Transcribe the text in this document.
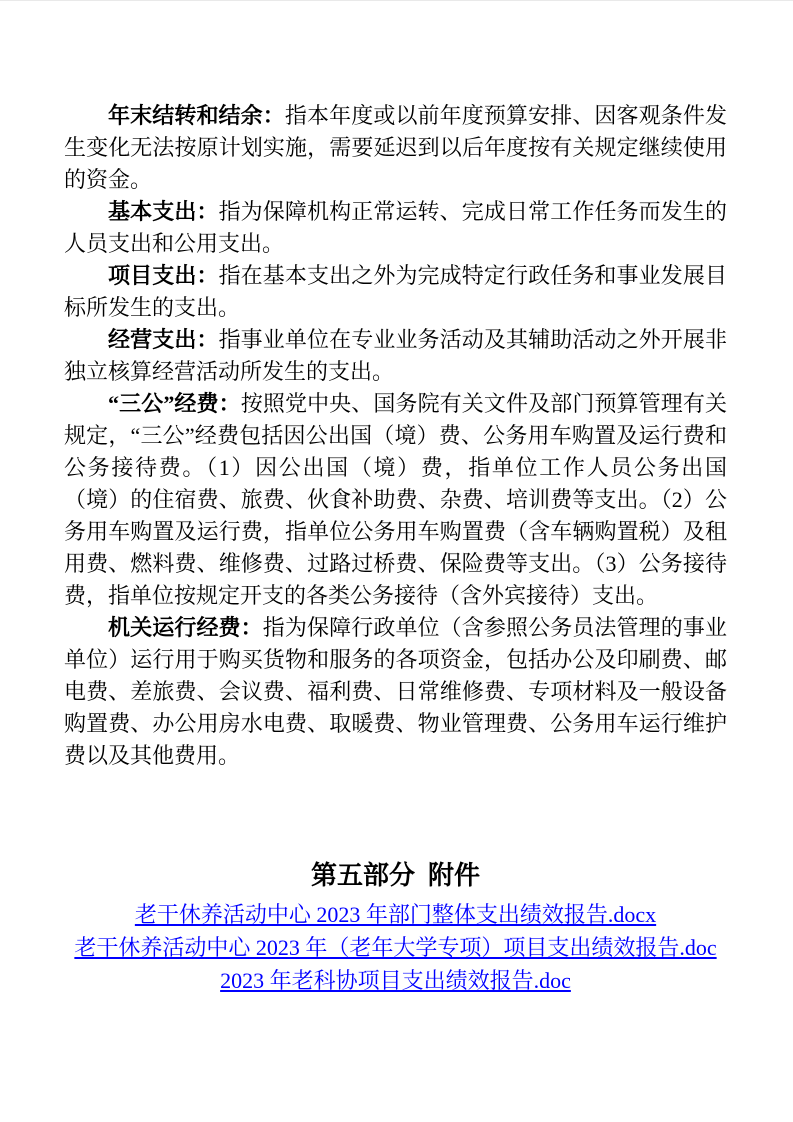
年末结转和结余：指本年度或以前年度预算安排、因客观条件发生变化无法按原计划实施，需要延迟到以后年度按有关规定继续使用的资金。

基本支出：指为保障机构正常运转、完成日常工作任务而发生的人员支出和公用支出。

项目支出：指在基本支出之外为完成特定行政任务和事业发展目标所发生的支出。

经营支出：指事业单位在专业业务活动及其辅助活动之外开展非独立核算经营活动所发生的支出。

“三公”经费：按照党中央、国务院有关文件及部门预算管理有关规定，“三公”经费包括因公出国（境）费、公务用车购置及运行费和公务接待费。（1）因公出国（境）费，指单位工作人员公务出国（境）的住宿费、旅费、伙食补助费、杂费、培训费等支出。（2）公务用车购置及运行费，指单位公务用车购置费（含车辆购置税）及租用费、燃料费、维修费、过路过桥费、保险费等支出。（3）公务接待费，指单位按规定开支的各类公务接待（含外宾接待）支出。

机关运行经费：指为保障行政单位（含参照公务员法管理的事业单位）运行用于购买货物和服务的各项资金，包括办公及印刷费、邮电费、差旅费、会议费、福利费、日常维修费、专项材料及一般设备购置费、办公用房水电费、取暖费、物业管理费、公务用车运行维护费以及其他费用。

第五部分 附件

老干休养活动中心 2023 年部门整体支出绩效报告.docx

老干休养活动中心 2023 年（老年大学专项）项目支出绩效报告.doc

2023 年老科协项目支出绩效报告.doc
